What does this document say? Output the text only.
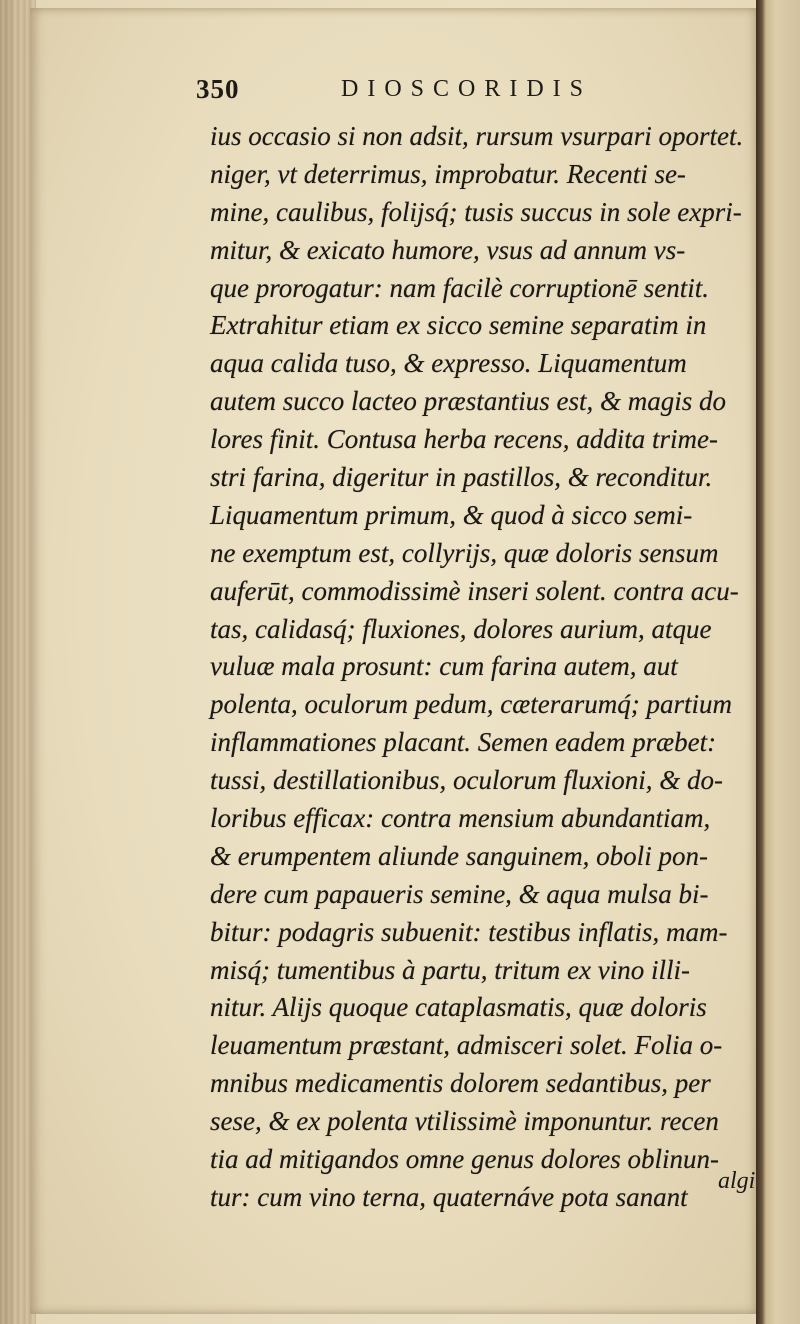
350	DIOSCORIDIS
ius occasio si non adsit, rursum vsurpari oportet.
niger, vt deterrimus, improbatur. Recenti se-
mine, caulibus, folijsq́; tusis succus in sole expri-
mitur, & exicato humore, vsus ad annum vs-
que prorogatur: nam facilè corruptionē sentit.
Extrahitur etiam ex sicco semine separatim in
aqua calida tuso, & expresso. Liquamentum
autem succo lacteo præstantius est, & magis do
lores finit. Contusa herba recens, addita trime-
stri farina, digeritur in pastillos, & reconditur.
Liquamentum primum, & quod à sicco semi-
ne exemptum est, collyrijs, quæ doloris sensum
auferūt, commodissimè inseri solent. contra acu-
tas, calidasq́; fluxiones, dolores aurium, atque
vuluæ mala prosunt: cum farina autem, aut
polenta, oculorum pedum, cæterarumq́; partium
inflammationes placant. Semen eadem præbet:
tussi, destillationibus, oculorum fluxioni, & do-
loribus efficax: contra mensium abundantiam,
& erumpentem aliunde sanguinem, oboli pon-
dere cum papaueris semine, & aqua mulsa bi-
bitur: podagris subuenit: testibus inflatis, mam-
misq́; tumentibus à partu, tritum ex vino illi-
nitur. Alijs quoque cataplasmatis, quæ doloris
leuamentum præstant, admisceri solet. Folia o-
mnibus medicamentis dolorem sedantibus, per
sese, & ex polenta vtilissimè imponuntur. recen
tia ad mitigandos omne genus dolores oblinun-
tur: cum vino terna, quaternáve pota sanant
algi
